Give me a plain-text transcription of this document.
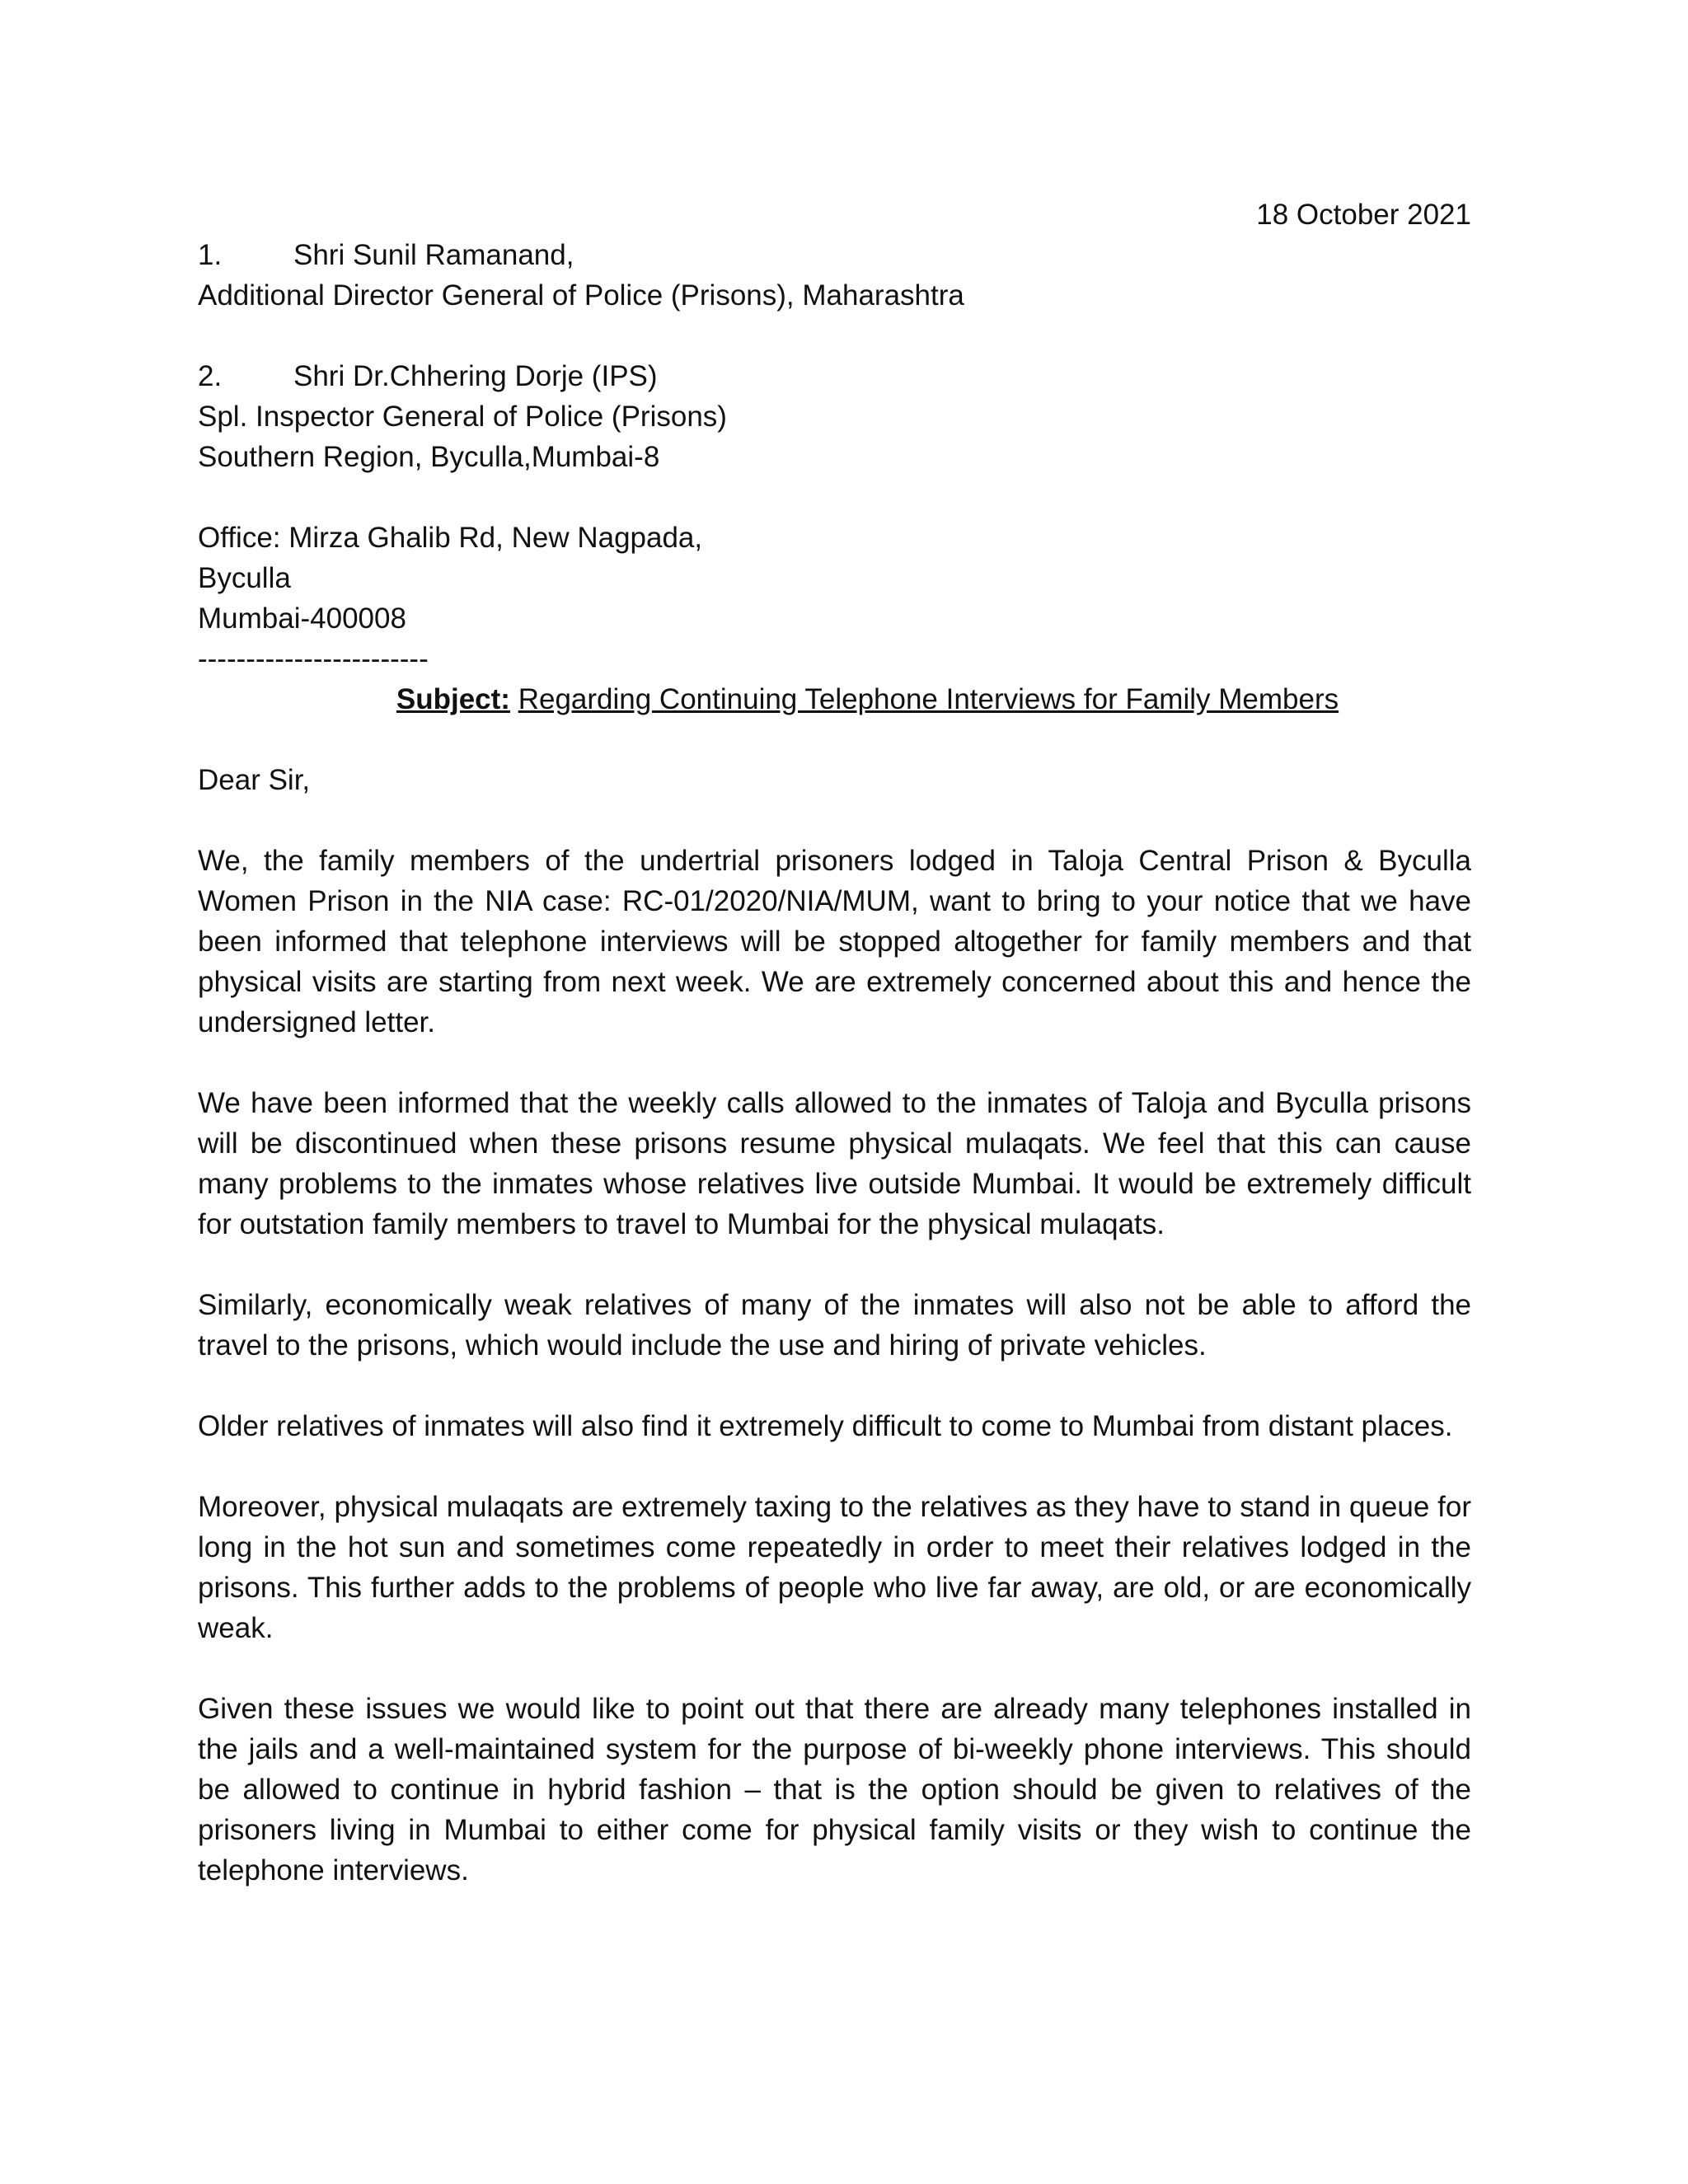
18 October 2021

1. Shri Sunil Ramanand,

Additional Director General of Police (Prisons), Maharashtra

2. Shri Dr.Chhering Dorje (IPS)

Spl. Inspector General of Police (Prisons)

Southern Region, Byculla,Mumbai-8

Office: Mirza Ghalib Rd, New Nagpada,

Byculla

Mumbai-400008

------------------------

Subject: Regarding Continuing Telephone Interviews for Family Members

Dear Sir,

We, the family members of the undertrial prisoners lodged in Taloja Central Prison & Byculla Women Prison in the NIA case: RC-01/2020/NIA/MUM, want to bring to your notice that we have been informed that telephone interviews will be stopped altogether for family members and that physical visits are starting from next week. We are extremely concerned about this and hence the undersigned letter.

We have been informed that the weekly calls allowed to the inmates of Taloja and Byculla prisons will be discontinued when these prisons resume physical mulaqats. We feel that this can cause many problems to the inmates whose relatives live outside Mumbai. It would be extremely difficult for outstation family members to travel to Mumbai for the physical mulaqats.

Similarly, economically weak relatives of many of the inmates will also not be able to afford the travel to the prisons, which would include the use and hiring of private vehicles.

Older relatives of inmates will also find it extremely difficult to come to Mumbai from distant places.

Moreover, physical mulaqats are extremely taxing to the relatives as they have to stand in queue for long in the hot sun and sometimes come repeatedly in order to meet their relatives lodged in the prisons. This further adds to the problems of people who live far away, are old, or are economically weak.

Given these issues we would like to point out that there are already many telephones installed in the jails and a well-maintained system for the purpose of bi-weekly phone interviews. This should be allowed to continue in hybrid fashion – that is the option should be given to relatives of the prisoners living in Mumbai to either come for physical family visits or they wish to continue the telephone interviews.
